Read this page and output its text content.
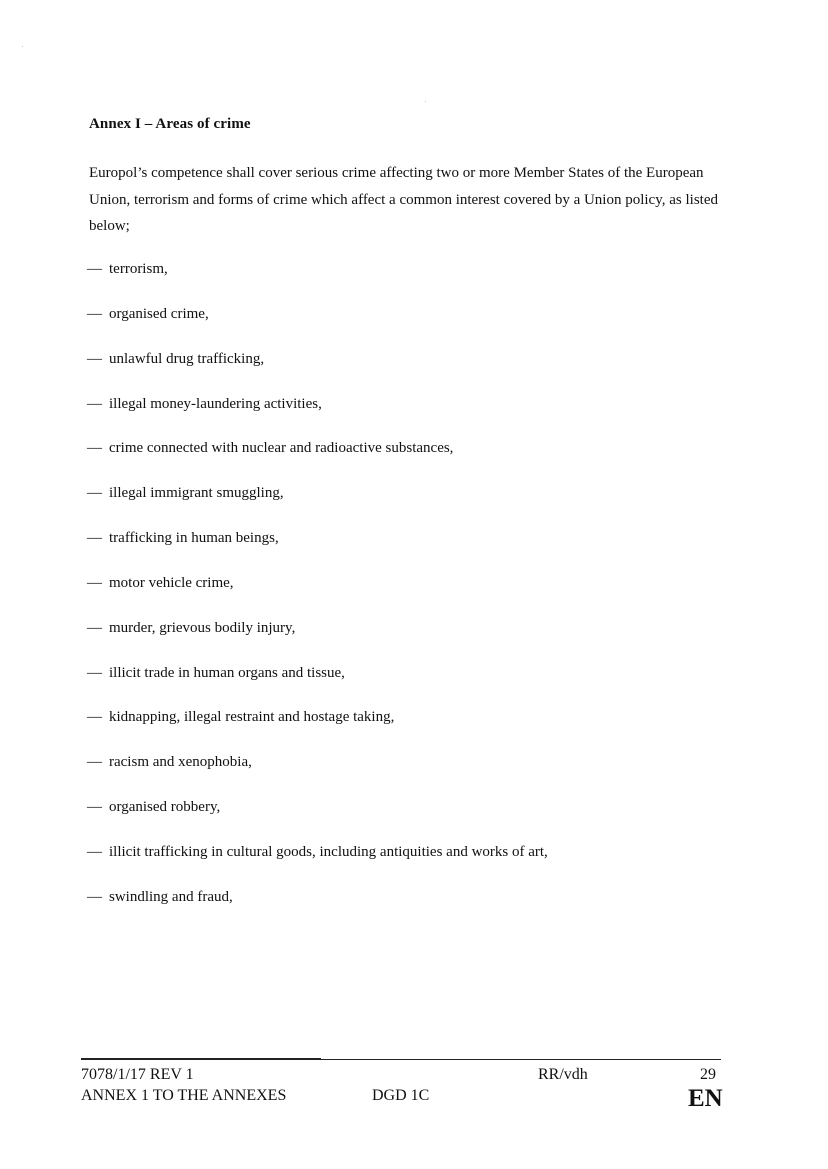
Annex I – Areas of crime
Europol’s competence shall cover serious crime affecting two or more Member States of the European Union, terrorism and forms of crime which affect a common interest covered by a Union policy, as listed below;
— terrorism,
— organised crime,
— unlawful drug trafficking,
— illegal money-laundering activities,
— crime connected with nuclear and radioactive substances,
— illegal immigrant smuggling,
— trafficking in human beings,
— motor vehicle crime,
— murder, grievous bodily injury,
— illicit trade in human organs and tissue,
— kidnapping, illegal restraint and hostage taking,
— racism and xenophobia,
— organised robbery,
— illicit trafficking in cultural goods, including antiquities and works of art,
— swindling and fraud,
7078/1/17 REV 1
ANNEX 1 TO THE ANNEXES	DGD 1C
RR/vdh	29
EN
